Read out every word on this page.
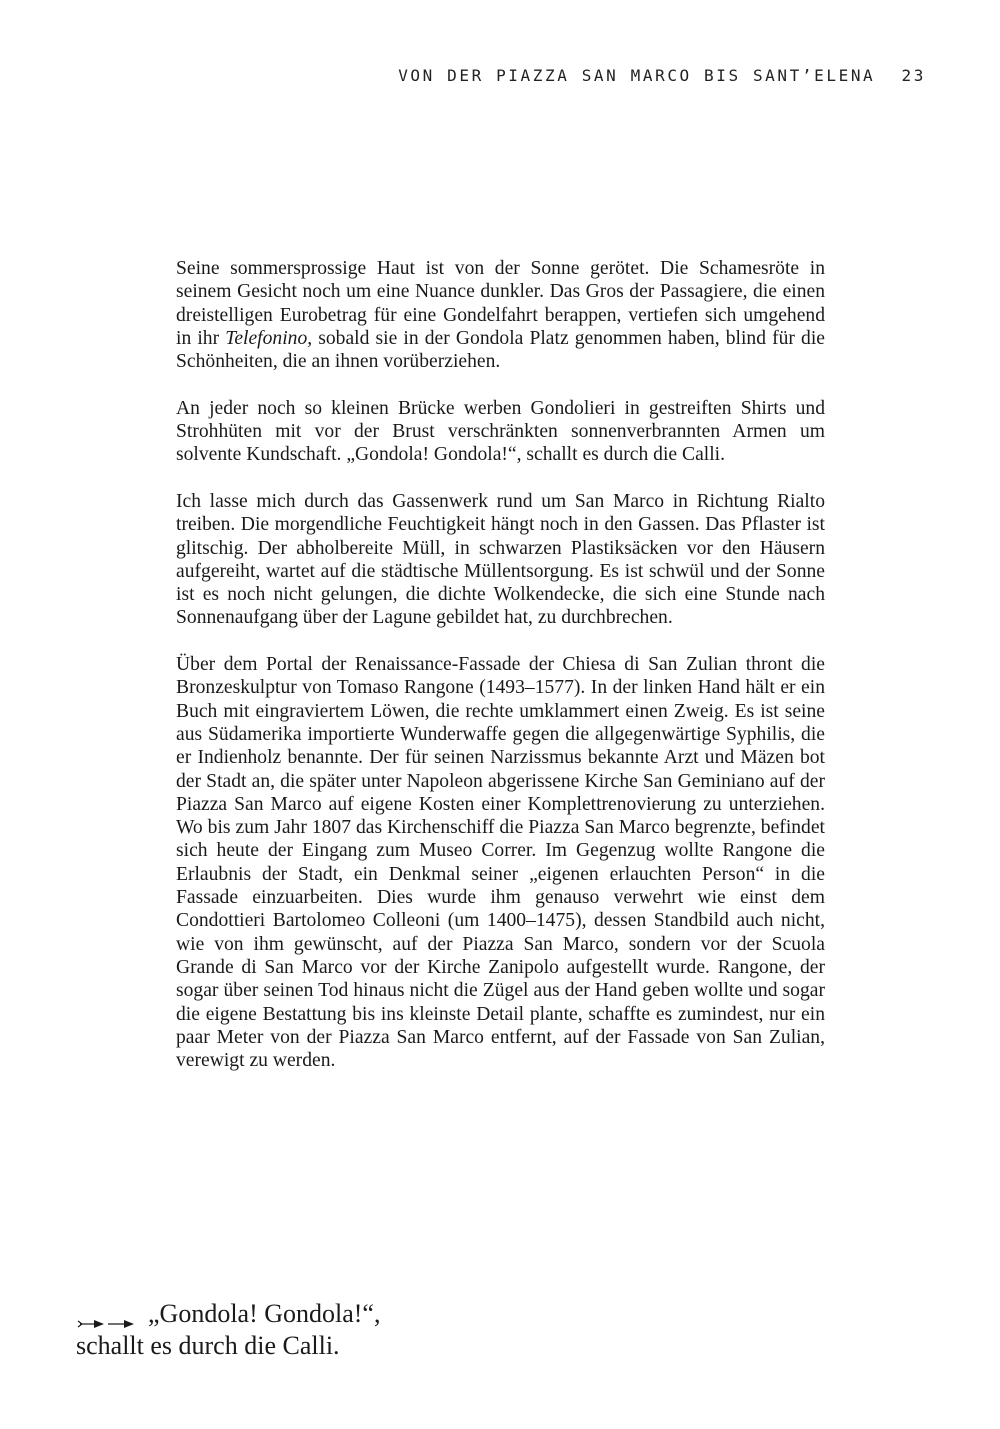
VON DER PIAZZA SAN MARCO BIS SANT’ELENA 23

Seine sommersprossige Haut ist von der Sonne gerötet. Die Schamesröte in seinem Gesicht noch um eine Nuance dunkler. Das Gros der Passagiere, die einen dreistelligen Eurobetrag für eine Gondelfahrt berappen, vertiefen sich umgehend in ihr Telefonino, sobald sie in der Gondola Platz genommen haben, blind für die Schönheiten, die an ihnen vorüberziehen.

An jeder noch so kleinen Brücke werben Gondolieri in gestreiften Shirts und Strohhüten mit vor der Brust verschränkten sonnenverbrannten Armen um solvente Kundschaft. „Gondola! Gondola!“, schallt es durch die Calli.

Ich lasse mich durch das Gassenwerk rund um San Marco in Richtung Rialto treiben. Die morgendliche Feuchtigkeit hängt noch in den Gassen. Das Pflaster ist glitschig. Der abholbereite Müll, in schwarzen Plastiksäcken vor den Häusern aufgereiht, wartet auf die städtische Müllentsorgung. Es ist schwül und der Sonne ist es noch nicht gelungen, die dichte Wolkendecke, die sich eine Stunde nach Sonnenaufgang über der Lagune gebildet hat, zu durchbrechen.

Über dem Portal der Renaissance-Fassade der Chiesa di San Zulian thront die Bronzeskulptur von Tomaso Rangone (1493–1577). In der linken Hand hält er ein Buch mit eingraviertem Löwen, die rechte umklammert einen Zweig. Es ist seine aus Südamerika importierte Wunderwaffe gegen die allgegenwärtige Syphilis, die er Indienholz benannte. Der für seinen Narzissmus bekannte Arzt und Mäzen bot der Stadt an, die später unter Napoleon abgerissene Kirche San Geminiano auf der Piazza San Marco auf eigene Kosten einer Komplettrenovierung zu unterziehen. Wo bis zum Jahr 1807 das Kirchenschiff die Piazza San Marco begrenzte, befindet sich heute der Eingang zum Museo Correr. Im Gegenzug wollte Rangone die Erlaubnis der Stadt, ein Denkmal seiner „eigenen erlauchten Person“ in die Fassade einzuarbeiten. Dies wurde ihm genauso verwehrt wie einst dem Condottieri Bartolomeo Colleoni (um 1400–1475), dessen Standbild auch nicht, wie von ihm gewünscht, auf der Piazza San Marco, sondern vor der Scuola Grande di San Marco vor der Kirche Zanipolo aufgestellt wurde. Rangone, der sogar über seinen Tod hinaus nicht die Zügel aus der Hand geben wollte und sogar die eigene Bestattung bis ins kleinste Detail plante, schaffte es zumindest, nur ein paar Meter von der Piazza San Marco entfernt, auf der Fassade von San Zulian, verewigt zu werden.

„Gondola! Gondola!“,
schallt es durch die Calli.
